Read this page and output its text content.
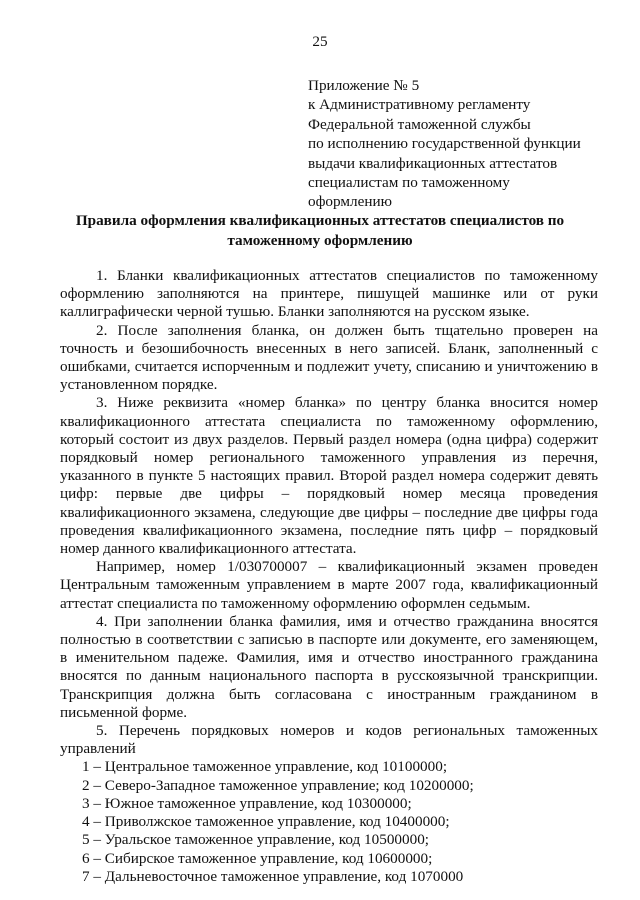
25
Приложение № 5
к Административному регламенту
Федеральной таможенной службы
по исполнению государственной функции
выдачи квалификационных аттестатов
специалистам по таможенному
оформлению
Правила оформления квалификационных аттестатов специалистов по
таможенному оформлению

1. Бланки квалификационных аттестатов специалистов по таможенному оформлению заполняются на принтере, пишущей машинке или от руки каллиграфически черной тушью. Бланки заполняются на русском языке.

2. После заполнения бланка, он должен быть тщательно проверен на точность и безошибочность внесенных в него записей. Бланк, заполненный с ошибками, считается испорченным и подлежит учету, списанию и уничтожению в установленном порядке.

3. Ниже реквизита «номер бланка» по центру бланка вносится номер квалификационного аттестата специалиста по таможенному оформлению, который состоит из двух разделов. Первый раздел номера (одна цифра) содержит порядковый номер регионального таможенного управления из перечня, указанного в пункте 5 настоящих правил. Второй раздел номера содержит девять цифр: первые две цифры – порядковый номер месяца проведения квалификационного экзамена, следующие две цифры – последние две цифры года проведения квалификационного экзамена, последние пять цифр – порядковый номер данного квалификационного аттестата.

Например, номер 1/030700007 – квалификационный экзамен проведен Центральным таможенным управлением в марте 2007 года, квалификационный аттестат специалиста по таможенному оформлению оформлен седьмым.

4. При заполнении бланка фамилия, имя и отчество гражданина вносятся полностью в соответствии с записью в паспорте или документе, его заменяющем, в именительном падеже. Фамилия, имя и отчество иностранного гражданина вносятся по данным национального паспорта в русскоязычной транскрипции. Транскрипция должна быть согласована с иностранным гражданином в письменной форме.

5. Перечень порядковых номеров и кодов региональных таможенных управлений

1 – Центральное таможенное управление, код 10100000;
2 – Северо-Западное таможенное управление; код 10200000;
3 – Южное таможенное управление, код 10300000;
4 – Приволжское таможенное управление, код 10400000;
5 – Уральское таможенное управление, код 10500000;
6 – Сибирское таможенное управление, код 10600000;
7 – Дальневосточное таможенное управление, код 1070000
